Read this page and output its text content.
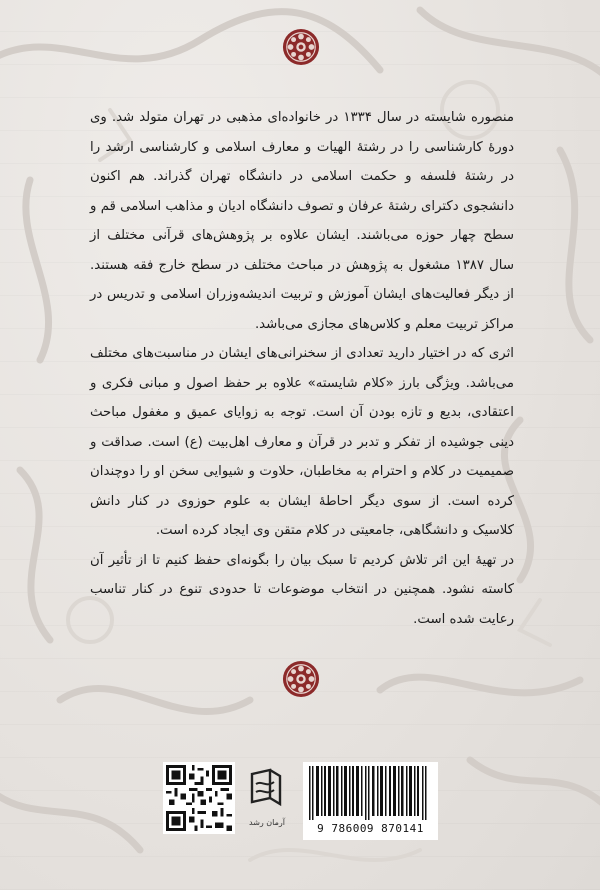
منصوره شایسته در سال ۱۳۳۴ در خانواده‌ای مذهبی در تهران متولد شد. وی دورهٔ کارشناسی را در رشتهٔ الهیات و معارف اسلامی و کارشناسی ارشد را در رشتهٔ فلسفه و حکمت اسلامی در دانشگاه تهران گذراند. هم اکنون دانشجوی دکترای رشتهٔ عرفان و تصوف دانشگاه ادیان و مذاهب اسلامی قم و سطح چهار حوزه می‌باشند. ایشان علاوه بر پژوهش‌های قرآنی مختلف از سال ۱۳۸۷ مشغول به پژوهش در مباحث مختلف در سطح خارج فقه هستند. از دیگر فعالیت‌های ایشان آموزش و تربیت اندیشه‌وزران اسلامی و تدریس در مراکز تربیت معلم و کلاس‌های مجازی می‌باشد.

اثری که در اختیار دارید تعدادی از سخنرانی‌های ایشان در مناسبت‌های مختلف می‌باشد. ویژگی بارز «کلام شایسته» علاوه بر حفظ اصول و مبانی فکری و اعتقادی، بدیع و تازه بودن آن است. توجه به زوایای عمیق و مغفول مباحث دینی جوشیده از تفکر و تدبر در قرآن و معارف اهل‌بیت (ع) است. صداقت و صمیمیت در کلام و احترام به مخاطبان، حلاوت و شیوایی سخن او را دوچندان کرده است. از سوی دیگر احاطهٔ ایشان به علوم حوزوی در کنار دانش کلاسیک و دانشگاهی، جامعیتی در کلام متقن وی ایجاد کرده است.

در تهیهٔ این اثر تلاش کردیم تا سبک بیان را بگونه‌ای حفظ کنیم تا از تأثیر آن کاسته نشود. همچنین در انتخاب موضوعات تا حدودی تنوع در کنار تناسب رعایت شده است.

آرمان رشد	9 786009 870141
